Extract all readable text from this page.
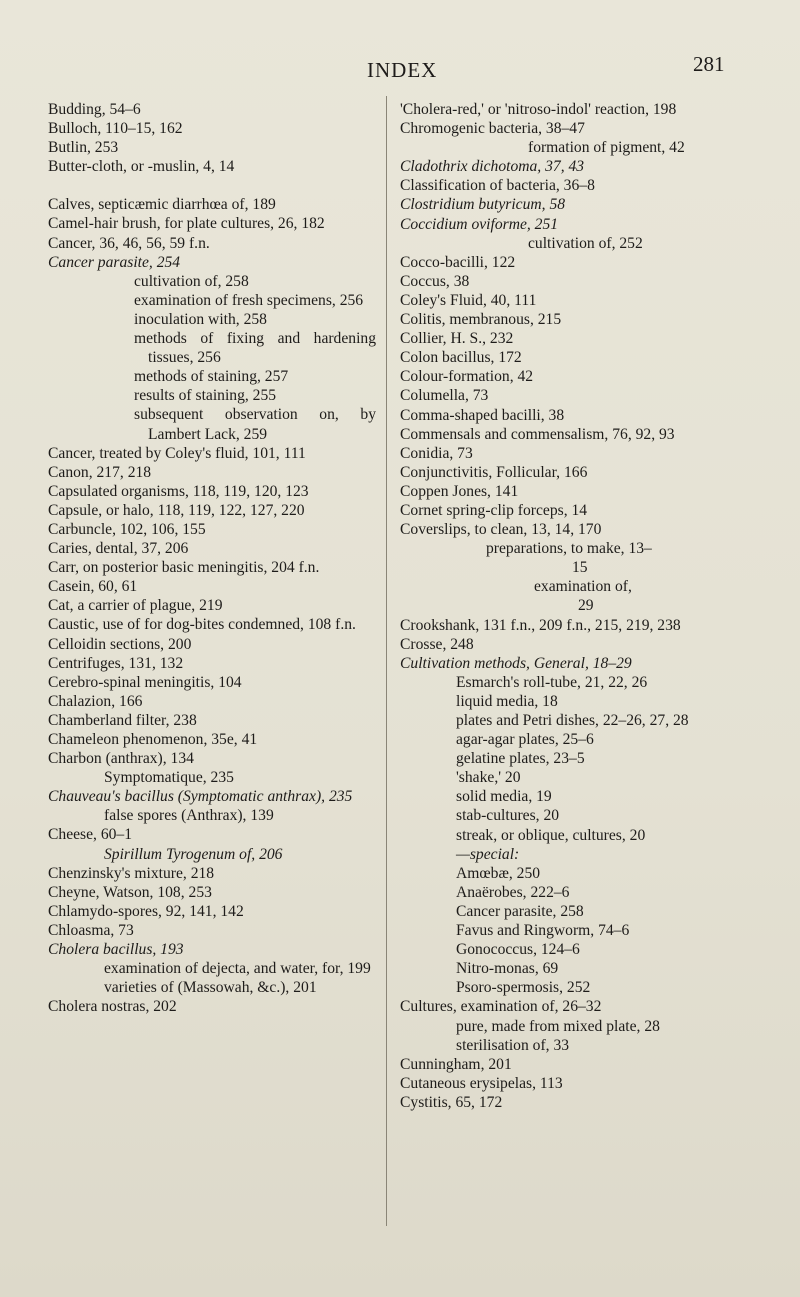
INDEX	281
Budding, 54–6
Bulloch, 110–15, 162
Butlin, 253
Butter-cloth, or -muslin, 4, 14
Calves, septicæmic diarrhœa of, 189
Camel-hair brush, for plate cultures, 26, 182
Cancer, 36, 46, 56, 59 f.n.
Cancer parasite, 254
cultivation of, 258
examination of fresh specimens, 256
inoculation with, 258
methods of fixing and hardening tissues, 256
methods of staining, 257
results of staining, 255
subsequent observation on, by Lambert Lack, 259
Cancer, treated by Coley's fluid, 101, 111
Canon, 217, 218
Capsulated organisms, 118, 119, 120, 123
Capsule, or halo, 118, 119, 122, 127, 220
Carbuncle, 102, 106, 155
Caries, dental, 37, 206
Carr, on posterior basic meningitis, 204 f.n.
Casein, 60, 61
Cat, a carrier of plague, 219
Caustic, use of for dog-bites condemned, 108 f.n.
Celloidin sections, 200
Centrifuges, 131, 132
Cerebro-spinal meningitis, 104
Chalazion, 166
Chamberland filter, 238
Chameleon phenomenon, 35e, 41
Charbon (anthrax), 134
Symptomatique, 235
Chauveau's bacillus (Symptomatic anthrax), 235
false spores (Anthrax), 139
Cheese, 60–1
Spirillum Tyrogenum of, 206
Chenzinsky's mixture, 218
Cheyne, Watson, 108, 253
Chlamydo-spores, 92, 141, 142
Chloasma, 73
Cholera bacillus, 193
examination of dejecta, and water, for, 199
varieties of (Massowah, &c.), 201
Cholera nostras, 202
'Cholera-red,' or 'nitroso-indol' reaction, 198
Chromogenic bacteria, 38–47
formation of pigment, 42
Cladothrix dichotoma, 37, 43
Classification of bacteria, 36–8
Clostridium butyricum, 58
Coccidium oviforme, 251
cultivation of, 252
Cocco-bacilli, 122
Coccus, 38
Coley's Fluid, 40, 111
Colitis, membranous, 215
Collier, H. S., 232
Colon bacillus, 172
Colour-formation, 42
Columella, 73
Comma-shaped bacilli, 38
Commensals and commensalism, 76, 92, 93
Conidia, 73
Conjunctivitis, Follicular, 166
Coppen Jones, 141
Cornet spring-clip forceps, 14
Coverslips, to clean, 13, 14, 170
preparations, to make, 13–
15
examination of,
29
Crookshank, 131 f.n., 209 f.n., 215, 219, 238
Crosse, 248
Cultivation methods, General, 18–29
Esmarch's roll-tube, 21, 22, 26
liquid media, 18
plates and Petri dishes, 22–26, 27, 28
agar-agar plates, 25–6
gelatine plates, 23–5
'shake,' 20
solid media, 19
stab-cultures, 20
streak, or oblique, cultures, 20
—special:
Amœbæ, 250
Anaërobes, 222–6
Cancer parasite, 258
Favus and Ringworm, 74–6
Gonococcus, 124–6
Nitro-monas, 69
Psoro-spermosis, 252
Cultures, examination of, 26–32
pure, made from mixed plate, 28
sterilisation of, 33
Cunningham, 201
Cutaneous erysipelas, 113
Cystitis, 65, 172
